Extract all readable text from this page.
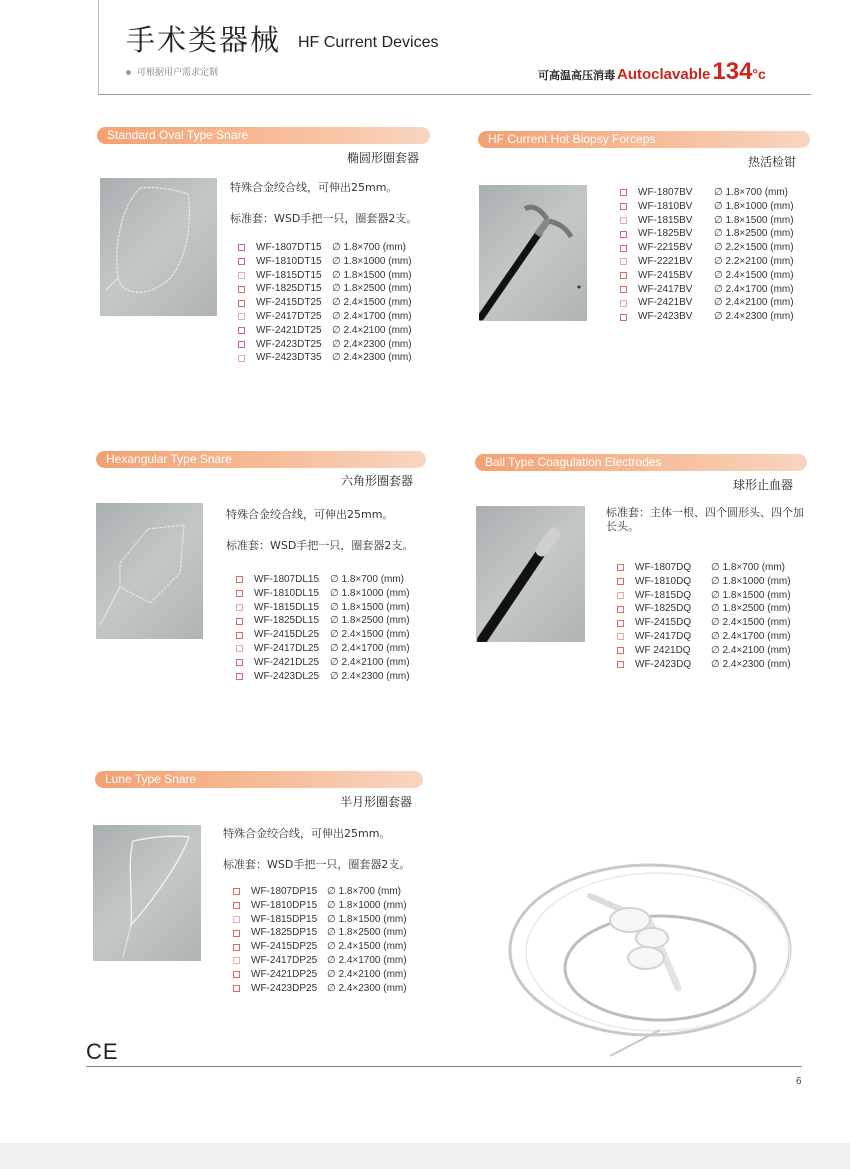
手术类器械 HF Current Devices
可根据用户需求定制	可高温高压消毒 Autoclavable134°c
Standard Oval Type Snare
椭圆形圈套器

特殊合金绞合线，可伸出25mm。

标准套：WSD手把一只，圈套器2支。

WF-1807DT15	∅ 1.8×700 (mm)
WF-1810DT15	∅ 1.8×1000 (mm)
WF-1815DT15	∅ 1.8×1500 (mm)
WF-1825DT15	∅ 1.8×2500 (mm)
WF-2415DT25	∅ 2.4×1500 (mm)
WF-2417DT25	∅ 2.4×1700 (mm)
WF-2421DT25	∅ 2.4×2100 (mm)
WF-2423DT25	∅ 2.4×2300 (mm)
WF-2423DT35	∅ 2.4×2300 (mm)
HF Current Hot Biopsy Forceps
热活检钳
WF-1807BV	∅ 1.8×700 (mm)
WF-1810BV	∅ 1.8×1000 (mm)
WF-1815BV	∅ 1.8×1500 (mm)
WF-1825BV	∅ 1.8×2500 (mm)
WF-2215BV	∅ 2.2×1500 (mm)
WF-2221BV	∅ 2.2×2100 (mm)
WF-2415BV	∅ 2.4×1500 (mm)
WF-2417BV	∅ 2.4×1700 (mm)
WF-2421BV	∅ 2.4×2100 (mm)
WF-2423BV	∅ 2.4×2300 (mm)
Hexangular Type Snare
六角形圈套器

特殊合金绞合线，可伸出25mm。

标准套：WSD手把一只，圈套器2支。

WF-1807DL15	∅ 1.8×700 (mm)
WF-1810DL15	∅ 1.8×1000 (mm)
WF-1815DL15	∅ 1.8×1500 (mm)
WF-1825DL15	∅ 1.8×2500 (mm)
WF-2415DL25	∅ 2.4×1500 (mm)
WF-2417DL25	∅ 2.4×1700 (mm)
WF-2421DL25	∅ 2.4×2100 (mm)
WF-2423DL25	∅ 2.4×2300 (mm)
Ball Type Coagulation Electrodes
球形止血器

标准套：主体一根、四个圆形头、四个加

长头。

WF-1807DQ	∅ 1.8×700 (mm)
WF-1810DQ	∅ 1.8×1000 (mm)
WF-1815DQ	∅ 1.8×1500 (mm)
WF-1825DQ	∅ 1.8×2500 (mm)
WF-2415DQ	∅ 2.4×1500 (mm)
WF-2417DQ	∅ 2.4×1700 (mm)
WF 2421DQ	∅ 2.4×2100 (mm)
WF-2423DQ	∅ 2.4×2300 (mm)
Lune Type Snare
半月形圈套器

特殊合金绞合线，可伸出25mm。

标准套：WSD手把一只，圈套器2支。

WF-1807DP15 ∅ 1.8×700 (mm)
WF-1810DP15 ∅ 1.8×1000 (mm)
WF-1815DP15 ∅ 1.8×1500 (mm)
WF-1825DP15 ∅ 1.8×2500 (mm)
WF-2415DP25 ∅ 2.4×1500 (mm)
WF-2417DP25 ∅ 2.4×1700 (mm)
WF-2421DP25 ∅ 2.4×2100 (mm)
WF-2423DP25 ∅ 2.4×2300 (mm)
CE
6
